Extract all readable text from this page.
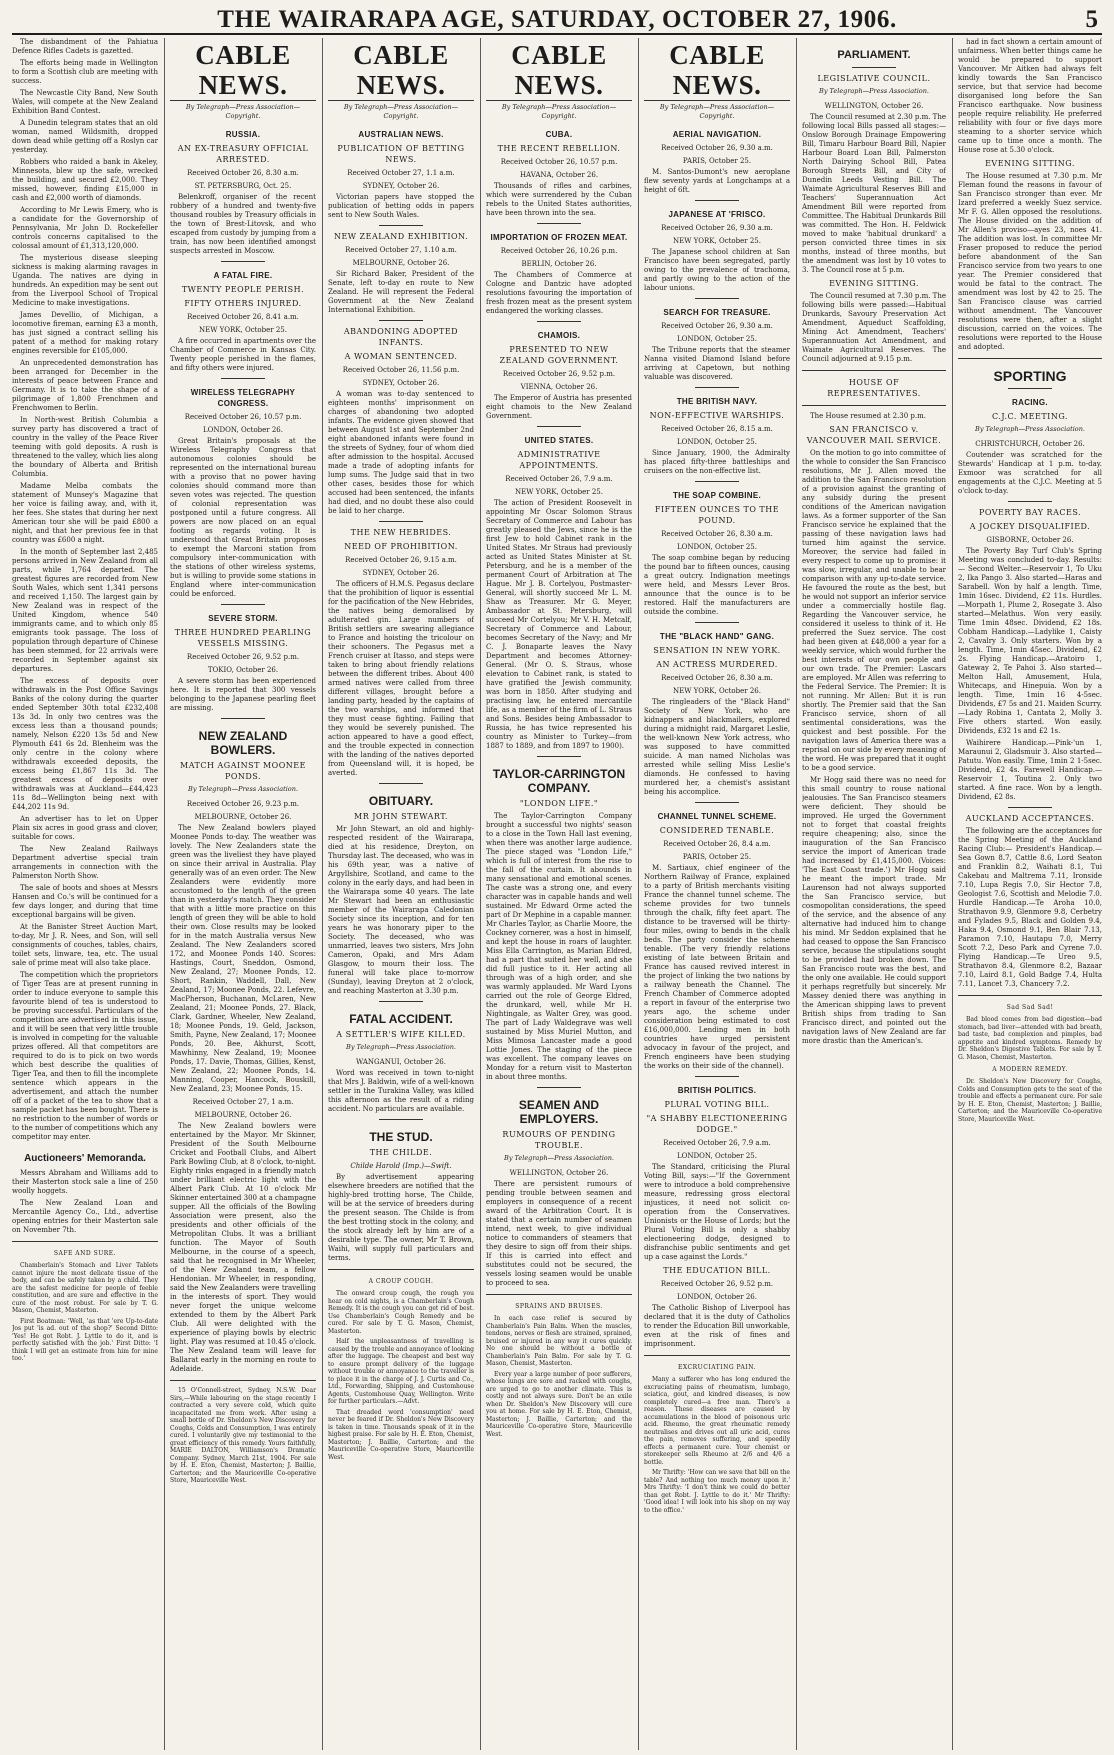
THE WAIRARAPA AGE, SATURDAY, OCTOBER 27, 1906.	5

The disbandment of the Pahiatua Defence Rifles Cadets is gazetted.

The efforts being made in Wellington to form a Scottish club are meeting with success.

The Newcastle City Band, New South Wales, will compete at the New Zealand Exhibition Band Contest.

A Dunedin telegram states that an old woman, named Wildsmith, dropped down dead while getting off a Roslyn car yesterday.

Robbers who raided a bank in Akeley, Minnesota, blew up the safe, wrecked the building, and secured £2,000. They missed, however, finding £15,000 in cash and £2,000 worth of diamonds.

According to Mr Lewis Emery, who is a candidate for the Governorship of Pennsylvania, Mr John D. Rockefeller controls concerns capitalised to the colossal amount of £1,313,120,000.

The mysterious disease sleeping sickness is making alarming ravages in Uganda. The natives are dying in hundreds. An expedition may be sent out from the Liverpool School of Tropical Medicine to make investigations.

James Devellio, of Michigan, a locomotive fireman, earning £3 a month, has just signed a contract selling his patent of a method for making rotary engines reversible for £105,000.

An unprecedented demonstration has been arranged for December in the interests of peace between France and Germany. It is to take the shape of a pilgrimage of 1,800 Frenchmen and Frenchwomen to Berlin.

In North-west British Columbia a survey party has discovered a tract of country in the valley of the Peace River teeming with gold deposits. A rush is threatened to the valley, which lies along the boundary of Alberta and British Columbia.

Madame Melba combats the statement of Munsey's Magazine that her voice is failing away, and, with it, her fees. She states that during her next American tour she will be paid £800 a night, and that her previous fee in that country was £600 a night.

In the month of September last 2,485 persons arrived in New Zealand from all parts, while 1,764 departed. The greatest figures are recorded from New South Wales, which sent 1,341 persons and received 1,150. The largest gain by New Zealand was in respect of the United Kingdom, whence 540 immigrants came, and to which only 85 emigrants took passage. The loss of population through departure of Chinese has been stemmed, for 22 arrivals were recorded in September against six departures.

The excess of deposits over withdrawals in the Post Office Savings Banks of the colony during the quarter ended September 30th total £232,408 13s 3d. In only two centres was the excess less than a thousand pounds; namely, Nelson £220 13s 5d and New Plymouth £41 6s 2d. Blenheim was the only centre in the colony where withdrawals exceeded deposits, the excess being £1,867 11s 3d. The greatest excess of deposits over withdrawals was at Auckland—£44,423 11s 8d—Wellington being next with £44,202 11s 9d.

An advertiser has to let on Upper Plain six acres in good grass and clover, suitable for cows.

The New Zealand Railways Department advertise special train arrangements in connection with the Palmerston North Show.

The sale of boots and shoes at Messrs Hansen and Co.'s will be continued for a few days longer, and during that time exceptional bargains will be given.

At the Banister Street Auction Mart, to-day, Mr J. R. Nees, and Son, will sell consignments of couches, tables, chairs, toilet sets, linware, tea, etc. The usual sale of prime meat will also take place.

The competition which the proprietors of Tiger Teas are at present running in order to induce everyone to sample this favourite blend of tea is understood to be proving successful. Particulars of the competition are advertised in this issue, and it will be seen that very little trouble is involved in competing for the valuable prizes offered. All that competitors are required to do is to pick on two words which best describe the qualities of Tiger Tea, and then to fill the incomplete sentence which appears in the advertisement, and attach the number off of a packet of the tea to show that a sample packet has been bought. There is no restriction to the number of words or to the number of competitions which any competitor may enter.

Auctioneers' Memoranda.

Messrs Abraham and Williams add to their Masterton stock sale a line of 250 woolly hoggets.

The New Zealand Loan and Mercantile Agency Co., Ltd., advertise opening entries for their Masterton sale on November 7th.

SAFE AND SURE.

Chamberlain's Stomach and Liver Tablets cannot injure the most delicate tissue of the body, and can be safely taken by a child. They are the safest medicine for people of feeble constitution, and are sure and effective in the cure of the most robust. For sale by T. G. Mason, Chemist, Masterton.

First Boatman: 'Well, 'as that 'ere Up-to-date Jos put 'is ad. out of the shop?' Second Ditto: 'Yes! He got Robt. J. Lyttle to do it, and is perfectly satisfied with the job.' First Ditto: 'I think I will get an estimate from him for mine too.'

CABLE NEWS.
By Telegraph—Press Association—Copyright.
RUSSIA.
AN EX-TREASURY OFFICIAL ARRESTED.
Received October 26, 8.30 a.m.
ST. PETERSBURG, Oct. 25.

Belenkroff, organiser of the recent robbery of a hundred and twenty-five thousand roubles by Treasury officials in the town of Brest-Litovsk, and who escaped from custody by jumping from a train, has now been identified amongst suspects arrested in Moscow.

A FATAL FIRE.
TWENTY PEOPLE PERISH.
FIFTY OTHERS INJURED.
Received October 26, 8.41 a.m.
NEW YORK, October 25.

A fire occurred in apartments over the Chamber of Commerce in Kansas City. Twenty people perished in the flames, and fifty others were injured.

WIRELESS TELEGRAPHY CONGRESS.
Received October 26, 10.57 p.m.
LONDON, October 26.

Great Britain's proposals at the Wireless Telegraphy Congress that autonomous colonies should be represented on the international bureau with a proviso that no power having colonies should command more than seven votes was rejected. The question of colonial representation was postponed until a future congress. All powers are now placed on an equal footing as regards voting. It is understood that Great Britain proposes to exempt the Marconi station from compulsory inter-communication with the stations of other wireless systems, but is willing to provide some stations in England where inter-communication could be enforced.

SEVERE STORM.
THREE HUNDRED PEARLING VESSELS MISSING.
Received October 26, 9.52 p.m.
TOKIO, October 26.

A severe storm has been experienced here. It is reported that 300 vessels belonging to the Japanese pearling fleet are missing.

NEW ZEALAND BOWLERS.
MATCH AGAINST MOONEE PONDS.
By Telegraph—Press Association.
Received October 26, 9.23 p.m.
MELBOURNE, October 26.

The New Zealand bowlers played Moonee Ponds to-day. The weather was lovely. The New Zealanders state the green was the liveliest they have played on since their arrival in Australia. Play generally was of an even order. The New Zealanders were evidently more accustomed to the length of the green than in yesterday's match. They consider that with a little more practice on this length of green they will be able to hold their own. Close results may be looked for in the match Australia versus New Zealand. The New Zealanders scored 172, and Moonee Ponds 140. Scores: Hastings, Court, Sneddon, Osmond, New Zealand, 27; Moonee Ponds, 12. Short, Rankin, Waddell, Dall, New Zealand, 17; Moonee Ponds, 22. Lefevre, MacPherson, Buchanan, McLaren, New Zealand, 21; Moonee Ponds, 27. Black, Clark, Gardner, Wheeler, New Zealand, 18; Moonee Ponds, 19. Geld, Jackson, Smith, Payne, New Zealand, 17; Moonee Ponds, 20. Bee, Akhurst, Scott, Mawhinny, New Zealand, 19; Moonee Ponds, 17. Davie, Thomas, Gillies, Kenst, New Zealand, 22; Moonee Ponds, 14. Manning, Cooper, Hancock, Bouskill, New Zealand, 23; Moonee Ponds, 15.

Received October 27, 1 a.m.
MELBOURNE, October 26.

The New Zealand bowlers were entertained by the Mayor. Mr Skinner, President of the South Melbourne Cricket and Football Clubs, and Albert Park Bowling Club, at 8 o'clock, to-night. Eighty rinks engaged in a friendly match under brilliant electric light with the Albert Park Club. At 10 o'clock Mr Skinner entertained 300 at a champagne supper. All the officials of the Bowling Association were present, also the presidents and other officials of the Metropolitan Clubs. It was a brilliant function. The Mayor of South Melbourne, in the course of a speech, said that he recognised in Mr Wheeler, of the New Zealand team, a fellow Hendonian. Mr Wheeler, in responding, said the New Zealanders were travelling in the interests of sport. They would never forget the unique welcome extended to them by the Albert Park Club. All were delighted with the experience of playing bowls by electric light. Play was resumed at 10.45 o'clock. The New Zealand team will leave for Ballarat early in the morning en route to Adelaide.

15 O'Connell-street, Sydney, N.S.W. Dear Sirs,—While labouring on the stage recently I contracted a very severe cold, which quite incapacitated me from work. After using a small bottle of Dr. Sheldon's New Discovery for Coughs, Colds and Consumption, I was entirely cured. I voluntarily give my testimonial to the great efficiency of this remedy. Yours faithfully, MARIE DALTON, Williamson's Dramatic Company. Sydney, March 21st, 1904. For sale by H. E. Eton, Chemist, Masterton; J. Baillie, Carterton; and the Mauriceville Co-operative Store, Mauriceville West.

CABLE NEWS.
By Telegraph—Press Association—Copyright.
AUSTRALIAN NEWS.
PUBLICATION OF BETTING NEWS.
Received October 27, 1.1 a.m.
SYDNEY, October 26.

Victorian papers have stopped the publication of betting odds in papers sent to New South Wales.

NEW ZEALAND EXHIBITION.
Received October 27, 1.10 a.m.
MELBOURNE, October 26.

Sir Richard Baker, President of the Senate, left to-day en route to New Zealand. He will represent the Federal Government at the New Zealand International Exhibition.

ABANDONING ADOPTED INFANTS.
A WOMAN SENTENCED.
Received October 26, 11.56 p.m.
SYDNEY, October 26.

A woman was to-day sentenced to eighteen months' imprisonment on charges of abandoning two adopted infants. The evidence given showed that between August 1st and September 2nd eight abandoned infants were found in the streets of Sydney, four of whom died after admission to the hospital. Accused made a trade of adopting infants for lump sums. The Judge said that in two other cases, besides those for which accused had been sentenced, the infants had died, and no doubt these also could be laid to her charge.

THE NEW HEBRIDES.
NEED OF PROHIBITION.
Received October 26, 9.15 a.m.
SYDNEY, October 26.

The officers of H.M.S. Pegasus declare that the prohibition of liquor is essential for the pacification of the New Hebrides, the natives being demoralised by adulterated gin. Large numbers of British settlers are swearing allegiance to France and hoisting the tricolour on their schooners. The Pegasus met a French cruiser at Itasso, and steps were taken to bring about friendly relations between the different tribes. About 400 armed natives were called from three different villages, brought before a landing party, headed by the captains of the two warships, and informed that they must cease fighting. Failing that they would be severely punished. The action appeared to have a good effect, and the trouble expected in connection with the landing of the natives deported from Queensland will, it is hoped, be averted.

OBITUARY.
MR JOHN STEWART.

Mr John Stewart, an old and highly-respected resident of the Wairarapa, died at his residence, Dreyton, on Thursday last. The deceased, who was in his 69th year, was a native of Argyllshire, Scotland, and came to the colony in the early days, and had been in the Wairarapa some 40 years. The late Mr Stewart had been an enthusiastic member of the Wairarapa Caledonian Society since its inception, and for ten years he was honorary piper to the Society. The deceased, who was unmarried, leaves two sisters, Mrs John Cameron, Opaki, and Mrs Adam Glasgow, to mourn their loss. The funeral will take place to-morrow (Sunday), leaving Dreyton at 2 o'clock, and reaching Masterton at 3.30 p.m.

FATAL ACCIDENT.
A SETTLER'S WIFE KILLED.
By Telegraph—Press Association.
WANGANUI, October 26.

Word was received in town to-night that Mrs J. Baldwin, wife of a well-known settler in the Turakina Valley, was killed this afternoon as the result of a riding accident. No particulars are available.

THE STUD.
THE CHILDE.
Childe Harold (Imp.)—Swift.

By advertisement appearing elsewhere breeders are notified that the highly-bred trotting horse, The Childe, will be at the service of breeders during the present season. The Childe is from the best trotting stock in the colony, and the stock already left by him are of a desirable type. The owner, Mr T. Brown, Waihi, will supply full particulars and terms.

A CROUP COUGH.

The onward croup cough, the rough you hear on cold nights, is a Chamberlain's Cough Remedy. It is the cough you can get rid of best. Use Chamberlain's Cough Remedy and be cured. For sale by T. G. Mason, Chemist, Masterton.

Half the unpleasantness of travelling is caused by the trouble and annoyance of looking after the luggage. The cheapest and best way to ensure prompt delivery of the luggage without trouble or annoyance to the traveller is to place it in the charge of J. J. Curtis and Co., Ltd., Forwarding, Shipping, and Customhouse Agents, Customhouse Quay, Wellington. Write for further particulars.—Advt.

That dreaded word 'consumption' need never be feared if Dr. Sheldon's New Discovery is taken in time. Thousands speak of it in the highest praise. For sale by H. E. Eton, Chemist, Masterton; J. Baillie, Carterton; and the Mauriceville Co-operative Store, Mauriceville West.

CABLE NEWS.
By Telegraph—Press Association—Copyright.
CUBA.
THE RECENT REBELLION.
Received October 26, 10.57 p.m.
HAVANA, October 26.

Thousands of rifles and carbines, which were surrendered by the Cuban rebels to the United States authorities, have been thrown into the sea.

IMPORTATION OF FROZEN MEAT.
Received October 26, 10.26 p.m.
BERLIN, October 26.

The Chambers of Commerce at Cologne and Dantzic have adopted resolutions favouring the importation of fresh frozen meat as the present system endangered the working classes.

CHAMOIS.
PRESENTED TO NEW ZEALAND GOVERNMENT.
Received October 26, 9.52 p.m.
VIENNA, October 26.

The Emperor of Austria has presented eight chamois to the New Zealand Government.

UNITED STATES.
ADMINISTRATIVE APPOINTMENTS.
Received October 26, 7.9 a.m.
NEW YORK, October 25.

The action of President Roosevelt in appointing Mr Oscar Solomon Straus Secretary of Commerce and Labour has greatly pleased the Jews, since he is the first Jew to hold Cabinet rank in the United States. Mr Straus had previously acted as United States Minister at St. Petersburg, and he is a member of the permanent Court of Arbitration at The Hague. Mr J. B. Cortelyou, Postmaster-General, will shortly succeed Mr L. M. Shaw as Treasurer. Mr G. Meyer, Ambassador at St. Petersburg, will succeed Mr Cortelyou; Mr V. H. Metcalf, Secretary of Commerce and Labour, becomes Secretary of the Navy; and Mr C. J. Bonaparte leaves the Navy Department and becomes Attorney-General. (Mr O. S. Straus, whose elevation to Cabinet rank, is stated to have gratified the Jewish community, was born in 1850. After studying and practising law, he entered mercantile life, as a member of the firm of L. Straus and Sons. Besides being Ambassador to Russia, he has twice represented his country as Minister to Turkey—from 1887 to 1889, and from 1897 to 1900).

TAYLOR-CARRINGTON COMPANY.
"LONDON LIFE."

The Taylor-Carrington Company brought a successful two nights' season to a close in the Town Hall last evening, when there was another large audience. The piece staged was "London Life," which is full of interest from the rise to the fall of the curtain. It abounds in many sensational and emotional scenes. The caste was a strong one, and every character was in capable hands and well sustained. Mr Edward Orme acted the part of Dr Mephine in a capable manner. Mr Charles Taylor, as Charlie Moore, the Cockney cornerer, was a host in himself, and kept the house in roars of laughter. Miss Ella Carrington, as Marian Eldred, had a part that suited her well, and she did full justice to it. Her acting all through was of a high order, and she was warmly applauded. Mr Ward Lyons carried out the role of George Eldred, the drunkard, well, while Mr H. Nightingale, as Walter Grey, was good. The part of Lady Waldegrave was well sustained by Miss Muriel Mutton, and Miss Mimosa Lancaster made a good Lottie Jones. The staging of the piece was excellent. The company leaves on Monday for a return visit to Masterton in about three months.

SEAMEN AND EMPLOYERS.
RUMOURS OF PENDING TROUBLE.
By Telegraph—Press Association.
WELLINGTON, October 26.

There are persistent rumours of pending trouble between seamen and employers in consequence of a recent award of the Arbitration Court. It is stated that a certain number of seamen intend, next week, to give individual notice to commanders of steamers that they desire to sign off from their ships. If this is carried into effect and substitutes could not be secured, the vessels losing seamen would be unable to proceed to sea.

SPRAINS AND BRUISES.

In each case relief is secured by Chamberlain's Pain Balm. When the muscles, tendons, nerves or flesh are strained, sprained, bruised or injured in any way it cures quickly. No one should be without a bottle of Chamberlain's Pain Balm. For sale by T. G. Mason, Chemist, Masterton.

Every year a large number of poor sufferers, whose lungs are sore and racked with coughs, are urged to go to another climate. This is costly and not always sure. Don't be an exile when Dr. Sheldon's New Discovery will cure you at home. For sale by H. E. Eton, Chemist, Masterton; J. Baillie, Carterton; and the Mauriceville Co-operative Store, Mauriceville West.

CABLE NEWS.
By Telegraph—Press Association—Copyright.
AERIAL NAVIGATION.
Received October 26, 9.30 a.m.
PARIS, October 25.

M. Santos-Dumont's new aeroplane flew seventy yards at Longchamps at a height of 6ft.

JAPANESE AT 'FRISCO.
Received October 26, 9.30 a.m.
NEW YORK, October 25.

The Japanese school children at San Francisco have been segregated, partly owing to the prevalence of trachoma, and partly owing to the action of the labour unions.

SEARCH FOR TREASURE.
Received October 26, 9.30 a.m.
LONDON, October 25.

The Tribune reports that the steamer Nanna visited Diamond Island before arriving at Capetown, but nothing valuable was discovered.

THE BRITISH NAVY.
NON-EFFECTIVE WARSHIPS.
Received October 26, 8.15 a.m.
LONDON, October 25.

Since January, 1900, the Admiralty has placed fifty-three battleships and cruisers on the non-effective list.

THE SOAP COMBINE.
FIFTEEN OUNCES TO THE POUND.
Received October 26, 8.30 a.m.
LONDON, October 25.

The soap combine began by reducing the pound bar to fifteen ounces, causing a great outcry. Indignation meetings were held, and Messrs Lever Bros. announce that the ounce is to be restored. Half the manufacturers are outside the combine.

THE "BLACK HAND" GANG.
SENSATION IN NEW YORK.
AN ACTRESS MURDERED.
Received October 26, 8.30 a.m.
NEW YORK, October 26.

The ringleaders of the "Black Hand" Society of New York, who are kidnappers and blackmailers, explored during a midnight raid, Margaret Leslie, the well-known New York actress, who was supposed to have committed suicide. A man named Nicholas was arrested while selling Miss Leslie's diamonds. He confessed to having murdered her, a chemist's assistant being his accomplice.

CHANNEL TUNNEL SCHEME.
CONSIDERED TENABLE.
Received October 26, 8.4 a.m.
PARIS, October 25.

M. Sartiaux, chief engineer of the Northern Railway of France, explained to a party of British merchants visiting France the channel tunnel scheme. The scheme provides for two tunnels through the chalk, fifty feet apart. The distance to be traversed will be thirty-four miles, owing to bends in the chalk beds. The party consider the scheme tenable. (The very friendly relations existing of late between Britain and France has caused revived interest in the project of linking the two nations by a railway beneath the Channel. The French Chamber of Commerce adopted a report in favour of the enterprise two years ago, the scheme under consideration being estimated to cost £16,000,000. Lending men in both countries have urged persistent advocacy in favour of the project, and French engineers have been studying the works on their side of the channel).

BRITISH POLITICS.
PLURAL VOTING BILL.
"A SHABBY ELECTIONEERING DODGE."
Received October 26, 7.9 a.m.
LONDON, October 25.

The Standard, criticising the Plural Voting Bill, says:—"If the Government were to introduce a bold comprehensive measure, redressing gross electoral injustices, it need not solicit co-operation from the Conservatives. Unionists or the House of Lords; but the Plural Voting Bill is only a shabby electioneering dodge, designed to disfranchise public sentiments and get up a case against the Lords."

THE EDUCATION BILL.
Received October 26, 9.52 p.m.
LONDON, October 26.

The Catholic Bishop of Liverpool has declared that it is the duty of Catholics to render the Education Bill unworkable, even at the risk of fines and imprisonment.

EXCRUCIATING PAIN.

Many a sufferer who has long endured the excruciating pains of rheumatism, lumbago, sciatica, gout, and kindred diseases, is now completely cured—a free man. There's a reason. These diseases are caused by accumulations in the blood of poisonous uric acid. Rheumo, the great rheumatic remedy neutralises and drives out all uric acid, cures the pain, removes suffering, and speedily effects a permanent cure. Your chemist or storekeeper sells Rheumo at 2/6 and 4/6 a bottle.

Mr Thrifty: 'How can we save that bill on the table? And nothing too much money upon it.' Mrs Thrifty: 'I don't think we could do better than get Robt. J. Lyttle to do it.' Mr Thrifty: 'Good idea! I will look into his shop on my way to the office.'

PARLIAMENT.
LEGISLATIVE COUNCIL.
By Telegraph—Press Association.
WELLINGTON, October 26.

The Council resumed at 2.30 p.m. The following local Bills passed all stages:—Onslow Borough Drainage Empowering Bill, Timaru Harbour Board Bill, Napier Harbour Board Loan Bill, Palmerston North Dairying School Bill, Patea Borough Streets Bill, and City of Dunedin Leeds Vesting Bill. The Waimate Agricultural Reserves Bill and Teachers' Superannuation Act Amendment Bill were reported from Committee. The Habitual Drunkards Bill was committed. The Hon. H. Feldwick moved to make 'habitual drunkard' a person convicted three times in six months, instead of three months, but the amendment was lost by 10 votes to 3. The Council rose at 5 p.m.

EVENING SITTING.

The Council resumed at 7.30 p.m. The following bills were passed:—Habitual Drunkards, Savoury Preservation Act Amendment, Aqueduct Scaffolding, Mining Act Amendment, Teachers' Superannuation Act Amendment, and Waimate Agricultural Reserves. The Council adjourned at 9.15 p.m.

HOUSE OF REPRESENTATIVES.

The House resumed at 2.30 p.m.

SAN FRANCISCO v. VANCOUVER MAIL SERVICE.

On the motion to go into committee of the whole to consider the San Francisco resolutions, Mr J. Allen moved the addition to the San Francisco resolution of a provision against the granting of any subsidy during the present conditions of the American navigation laws. As a former supporter of the San Francisco service he explained that the passing of these navigation laws had turned him against the service. Moreover, the service had failed in every respect to come up to promise: it was slow, irregular, and unable to bear comparison with any up-to-date service. He favoured the route as the best, but he would not support an inferior service under a commercially hostile flag. Regarding the Vancouver service, he considered it useless to think of it. He preferred the Suez service. The cost had been given at £48,000 a year for a weekly service, which would further the best interests of our own people and our own trade. The Premier: Lascars are employed. Mr Allen was referring to the Federal Service. The Premier: It is not running. Mr Allen: But it is run shortly. The Premier said that the San Francisco service, shorn of all sentimental considerations, was the quickest and best possible. For the navigation laws of America there was a reprisal on our side by every meaning of the word. He was prepared that it ought to be a good service.

Mr Hogg said there was no need for this small country to rouse national jealousies. The San Francisco steamers were deficient. They should be improved. He urged the Government not to forget that coastal freights require cheapening; also, since the inauguration of the San Francisco service the import of American trade had increased by £1,415,000. (Voices: 'The East Coast trade.') Mr Hogg said he meant the import trade. Mr Laurenson had not always supported the San Francisco service, but cosmopolitan considerations, the speed of the service, and the absence of any alternative had induced him to change his mind. Mr Seddon explained that he had ceased to oppose the San Francisco service, because the stipulations sought to be provided had broken down. The San Francisco route was the best, and the only one available. He could support it perhaps regretfully but sincerely. Mr Massey denied there was anything in the American shipping laws to prevent British ships from trading to San Francisco direct, and pointed out the navigation laws of New Zealand are far more drastic than the American's.

had in fact shown a certain amount of unfairness. When better things came he would be prepared to support Vancouver. Mr Aitken had always felt kindly towards the San Francisco service, but that service had become disorganised long before the San Francisco earthquake. Now business people require reliability. He preferred reliability with four or five days more steaming to a shorter service which came up to time once a month. The House rose at 5.30 o'clock.

EVENING SITTING.

The House resumed at 7.30 p.m. Mr Fleman found the reasons in favour of San Francisco stronger than ever. Mr Izard preferred a weekly Suez service. Mr F. G. Allen opposed the resolutions. The House divided on the addition of Mr Allen's proviso—ayes 23, noes 41. The addition was lost. In committee Mr Fraser proposed to reduce the period before abandonment of the San Francisco service from two years to one year. The Premier considered that would be fatal to the contract. The amendment was lost by 42 to 25. The San Francisco clause was carried without amendment. The Vancouver resolutions were then, after a slight discussion, carried on the voices. The resolutions were reported to the House and adopted.

SPORTING
RACING.
C.J.C. MEETING.
By Telegraph—Press Association.
CHRISTCHURCH, October 26.

Coutender was scratched for the Stewards' Handicap at 1 p.m. to-day. Exmoor was scratched for all engagements at the C.J.C. Meeting at 5 o'clock to-day.

POVERTY BAY RACES.
A JOCKEY DISQUALIFIED.
GISBORNE, October 26.

The Poverty Bay Turf Club's Spring Meeting was concluded to-day. Results:— Second Welter.—Reservoir 1, To Uku 2, Ika Pango 3. Also started—Haras and Sarabell. Won by half a length. Time, 1min 16sec. Dividend, £2 11s. Hurdles.—Morpath 1, Plume 2, Rosegate 3. Also started—Melathus. Won very easily. Time 1min 48sec. Dividend, £2 18s. Cobham Handicap.—Ladylike 1, Caisty 2, Cavalry 3. Only starters. Won by a length. Time, 1min 45sec. Dividend, £2 2s. Flying Handicap.—Aratoiro 1, Gateway 2, Te Pahoi 3. Also started—Melton Hall, Amusement, Hula, Whitecaps, and Hinepuia. Won by a length. Time, 1min 16 4-5sec. Dividends, £7 5s and 21. Maiden Scurry.—Lady Robina 1, Cantata 2, Molly 3. Five others started. Won easily. Dividends, £32 1s and £2 1s.

Waihirere Handicap.—Pink-'un 1, Maraunui 2, Gladsmuir 3. Also started—Patutu. Won easily. Time, 1min 2 1-5sec. Dividend, £2 4s. Farewell Handicap.—Reservoir 1, Toutina 2. Only two started. A fine race. Won by a length. Dividend, £2 8s.

AUCKLAND ACCEPTANCES.

The following are the acceptances for the Spring Meeting of the Auckland Racing Club:— President's Handicap.—Sea Gown 8.7, Cattle 8.6, Lord Seaton and Franklin 8.2, Waihati 8.1, Tui Cakebau and Maltrema 7.11, Ironside 7.10, Lupa Regis 7.0, Sir Hector 7.8, Geologist 7.6, Scottish and Melodie 7.0. Hurdle Handicap.—Te Aroha 10.0, Strathavon 9.9, Glenmore 9.8, Cerbetry and Fylades 9.5, Black and Golden 9.4, Haka 9.4, Osmond 9.1, Ben Blair 7.13, Paramon 7.10, Hautapu 7.0, Merry Scott 7.2, Deso Park and Cyrene 7.0. Flying Handicap.—Te Ureo 9.5, Strathavon 8.4, Glenmore 8.2, Bazaar 7.10, Laird 8.1, Gold Badge 7.4, Hulta 7.11, Lancet 7.3, Chancery 7.2.

Sad Sad Sad!

Bad blood comes from bad digestion—bad stomach, bad liver—attended with bad breath, bad taste, bad complexion and pimples, bad appetite and kindred symptoms. Remedy by Dr. Sheldon's Digestive Tablets. For sale by T. G. Mason, Chemist, Masterton.

A MODERN REMEDY.

Dr. Sheldon's New Discovery for Coughs, Colds and Consumption gets to the seat of the trouble and effects a permanent cure. For sale by H. E. Eton, Chemist, Masterton; J. Baillie, Carterton; and the Mauriceville Co-operative Store, Mauriceville West.
